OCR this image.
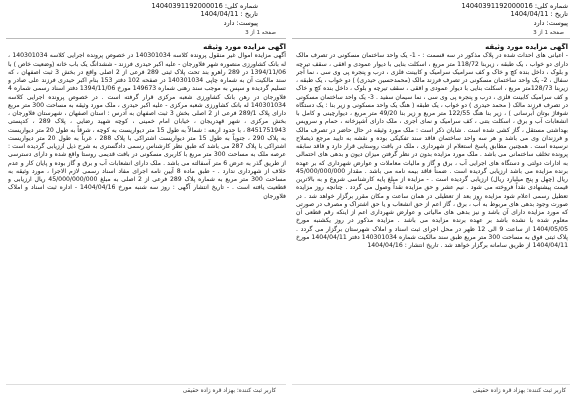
شماره کلی: 14040391192000016
تاریخ : 1404/04/11
پیوست: دارد
صفحه 1 از 3
شماره کلی: 14040391192000016
تاریخ : 1404/04/11
پیوست: دارد
صفحه 1 از 3
آگهی مزایده مورد وثیقه

- اعیانی های احداث شده در پلاک مذکور در سه قسمت : - 1- یک واحد ساختمان مسکونی در تصرف مالک دارای دو خواب ، یک طبقه ، زیربنا 118/72 متر مربع ، اسکلت بنایی با دیوار عمودی و افقی ، سقف تیرچه و بلوک ، داخل بنده کچ و خاک و کف سرامیک سرامیک و کابینت فلزی ، درب و پنجره پی وی سی ، نما آجر سفال ، 2- یک واحد ساختمان مسکونی در تصرف فرزند مالک (محمدحسین حیدری) ) دو خواب ، یک طبقه ، زیربنا 128/73متر مربع ، اسکلت بنایی با دیوار عمودی و افقی ، سقف تیرچه و بلوک ، داخل بنده کچ و خاک و کف سرامیک کابینت فلزی ، درب و پنجره پی وی سی ، نما سیمان سفید . 3- یک واحد ساختمان مسکونی در تصرف فرزند مالک ( محمد حیدری ) دو خواب ، یک طبقه ( هنگ یک واحد مسکونی و زیر بنا : یک دستگاه شوفاژ بوتان آبرسانی ) ، زیر بنا هنگ 122/55 متر مربع و زیر بنا 49/20 متر مربع ، دیوارچینی و کامل با انشعابات آب و برق ، اسکلت بتنی ، کف سرامیک و نمای آجری ، ملک دارای آشپزخانه ، حمام و سرویس بهداشتی مستقل ، گاز کشی شده است . شایان ذکر است : ملک مورد وثیقه در حال حاضر در تصرف مالک و فرزندان وی می باشد و هر سه واحد ساختمان فاقد سند تفکیکی بوده و نقشه به تایید مرجع ذیصلاح نرسیده است . همچنین مطابق پاسخ استعلام از شهرداری ، ملک در بافت روستایی قرار دارد و فاقد سابقه پرونده تخلف ساختمانی می باشد . ملک مورد مزایده بدون در نظر گرفتن میزان دیون و بدهی های احتمالی به ادارات دولتی و دستگاه های اجرایی آب ، برق و گاز و مالیات معاملات و عوارض شهرداری که بر عهده برنده مزایده می باشد ارزیابی گردیده است . ضمناً فاقد بیمه نامه می باشد . مقدار 45/000/000/000 ریال (چهل و پنج میلیارد ریال) ارزیابی گردیده است . - مزایده از مبلغ پایه کارشناسی شروع و به بالاترین قیمت پیشنهادی نقداً فروخته می شود . نیم عشر و حق مزایده نقداً وصول می گردد . چنانچه روز مزایده تعطیل رسمی اعلام شود مزایده روز بعد از تعطیلی در همان ساعت و مکان مقرر برگزار خواهد شد . در صورت وجود بدهی های مربوط به آب ، برق ، گاز اعم از حق انشعاب و یا حق اشتراک و مصرف در صورتی که مورد مزایده دارای آن باشد و نیز بدهی های مالیاتی و عوارض شهرداری اعم از اینکه رقم قطعی آن معلوم شده یا نشده باشد بر عهده برنده مزایده می باشد . مزایده مذکور در روز یکشنبه مورخ 1404/05/05 از ساعت 9 الی 12 ظهر در محل اجرای ثبت اسناد و املاک شهرستان برگزار می گردد . پلاک ثبتی فوق به مساحت 300 متر مربع طبق سند مالکیت شماره 140301034 دفتر 1404/04/11 مورخ 1404/04/11 از طریق سامانه برگزار خواهد شد . تاریخ انتشار : 1404/04/16

آگهی مزایده مورد وثیقه

آگهی مزایده اموال غیر منقول پرونده کلاسه 140301034 در خصوص پرونده اجرایی کلاسه 140301034 ، له بانک کشاورزی منصوره شهر فلاورجان - علیه اکبر حیدری فرزند - ششدانگ یک باب خانه (وضعیت خاص ) با 1394/11/06 در 289 راهرو بند تحت پلاک ثبتی 289 فرعی از 2 اصلی واقع در بخش 3 ثبت اصفهان ، که سند مالکیت آن به شماره چاپی 140301034 در صفحه 102 دفتر 153 بنام اکبر حیدری فرزند علی صادر و تسلیم گردیده و سپس به موجب سند رهنی شماره 149673 مورخ 1394/11/06 دفتر اسناد رسمی شماره 4 فلاورجان در رهن بانک کشاورزی شعبه مرکزی قرار گرفته است . در خصوص پرونده اجرایی کلاسه 140301034 له بانک کشاورزی شعبه مرکزی - علیه اکبر حیدری ، ملک مورد وثیقه به مساحت 300 متر مربع دارای پلاک 289/1 فرعی از 2 اصلی بخش 3 ثبت اصفهان به آدرس : استان اصفهان ، شهرستان فلاورجان ، بخش مرکزی ، شهر قهدریجان ، خیابان امام خمینی ، کوچه شهید رضایی ، پلاک 289 ، کدپستی 8451751943 ، با حدود اربعه : شمالاً به طول 15 متر دیواریست به کوچه ، شرقاً به طول 20 متر دیواریست به پلاک 290 ، جنوباً به طول 15 متر دیواریست اشتراکی با پلاک 288 ، غرباً به طول 20 متر دیواریست اشتراکی با پلاک 287 می باشد که طبق نظر کارشناس رسمی دادگستری به شرح ذیل ارزیابی گردیده است : عرصه ملک به مساحت 300 متر مربع با کاربری مسکونی در بافت قدیمی روستا واقع شده و دارای دسترسی از طریق گذر به عرض 6 متر آسفالته می باشد . ملک دارای انشعابات آب و برق و گاز بوده و پایان کار و عدم خلاف از شهرداری ندارد . - طبق ماده 8 آیین نامه اجرای مفاد اسناد رسمی لازم الاجرا ، مورد وثیقه به مساحت 300 متر مربع به شماره پلاک 289 فرعی از 2 اصلی به مبلغ 45/000/000/000 ریال ارزیابی و قطعیت یافته است . - تاریخ انتشار آگهی : روز سه شنبه مورخ 1404/04/16 - اداره ثبت اسناد و املاک فلاورجان

کاربر ثبت کننده: بهزاد قره زاده حقیقی
کاربر ثبت کننده: بهزاد قره زاده حقیقی
